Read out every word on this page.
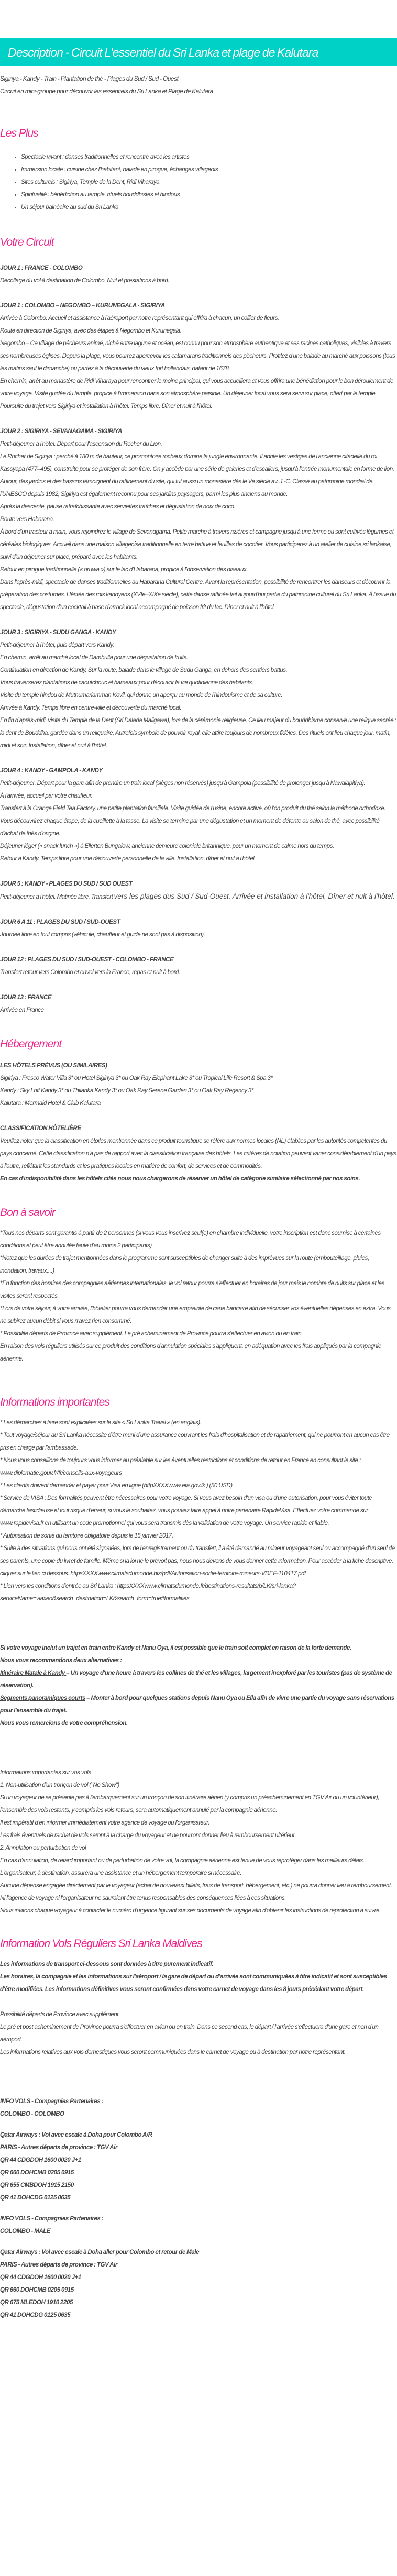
Description - Circuit L'essentiel du Sri Lanka et plage de Kalutara

Sigiriya - Kandy - Train - Plantation de thé - Plages du Sud / Sud - Ouest

Circuit en mini-groupe pour découvrir les essentiels du Sri Lanka et Plage de Kalutara

Les Plus
• Spectacle vivant : danses traditionnelles et rencontre avec les artistes
• Immersion locale : cuisine chez l'habitant, balade en pirogue, échanges villageois
• Sites culturels : Sigiriya, Temple de la Dent, Ridi Viharaya
• Spiritualité : bénédiction au temple, rituels bouddhistes et hindous
• Un séjour balnéaire au sud du Sri Lanka
Votre Circuit
JOUR 1 : FRANCE - COLOMBO

Décollage du vol à destination de Colombo. Nuit et prestations à bord.

JOUR 1 : COLOMBO – NEGOMBO – KURUNEGALA - SIGIRIYA

Arrivée à Colombo. Accueil et assistance à l'aéroport par notre représentant qui offrira à chacun, un collier de fleurs.

Route en direction de Sigiriya, avec des étapes à Negombo et Kurunegala.

Negombo – Ce village de pêcheurs animé, niché entre lagune et océan, est connu pour son atmosphère authentique et ses racines catholiques, visibles à travers ses nombreuses églises. Depuis la plage, vous pourrez apercevoir les catamarans traditionnels des pêcheurs. Profitez d'une balade au marché aux poissons (tous les matins sauf le dimanche) ou partez à la découverte du vieux fort hollandais, datant de 1678.

En chemin, arrêt au monastère de Ridi Viharaya pour rencontrer le moine principal, qui vous accueillera et vous offrira une bénédiction pour le bon déroulement de votre voyage. Visite guidée du temple, propice à l'immersion dans son atmosphère paisible. Un déjeuner local vous sera servi sur place, offert par le temple.

Poursuite du trajet vers Sigiriya et installation à l'hôtel. Temps libre. Dîner et nuit à l'hôtel.

JOUR 2 : SIGIRIYA - SEVANAGAMA - SIGIRIYA

Petit-déjeuner à l'hôtel. Départ pour l'ascension du Rocher du Lion.

Le Rocher de Sigiriya : perché à 180 m de hauteur, ce promontoire rocheux domine la jungle environnante. Il abrite les vestiges de l'ancienne citadelle du roi Kassyapa (477–495), construite pour se protéger de son frère. On y accède par une série de galeries et d'escaliers, jusqu'à l'entrée monumentale en forme de lion. Autour, des jardins et des bassins témoignent du raffinement du site, qui fut aussi un monastère dès le Ve siècle av. J.-C. Classé au patrimoine mondial de l'UNESCO depuis 1982, Sigiriya est également reconnu pour ses jardins paysagers, parmi les plus anciens au monde.

Après la descente, pause rafraîchissante avec serviettes fraîches et dégustation de noix de coco.

Route vers Habarana.

À bord d'un tracteur à main, vous rejoindrez le village de Sevanagama. Petite marche à travers rizières et campagne jusqu'à une ferme où sont cultivés légumes et céréales biologiques. Accueil dans une maison villageoise traditionnelle en terre battue et feuilles de cocotier. Vous participerez à un atelier de cuisine sri lankaise, suivi d'un déjeuner sur place, préparé avec les habitants.

Retour en pirogue traditionnelle (« oruwa ») sur le lac d'Habarana, propice à l'observation des oiseaux.

Dans l'après-midi, spectacle de danses traditionnelles au Habarana Cultural Centre. Avant la représentation, possibilité de rencontrer les danseurs et découvrir la préparation des costumes. Héritée des rois kandyens (XVIe–XIXe siècle), cette danse raffinée fait aujourd'hui partie du patrimoine culturel du Sri Lanka. À l'issue du spectacle, dégustation d'un cocktail à base d'arrack local accompagné de poisson frit du lac. Dîner et nuit à l'hôtel.

JOUR 3 : SIGIRIYA - SUDU GANGA - KANDY

Petit-déjeuner à l'hôtel, puis départ vers Kandy.

En chemin, arrêt au marché local de Dambulla pour une dégustation de fruits.

Continuation en direction de Kandy. Sur la route, balade dans le village de Sudu Ganga, en dehors des sentiers battus.

Vous traverserez plantations de caoutchouc et hameaux pour découvrir la vie quotidienne des habitants.

Visite du temple hindou de Muthumariamman Kovil, qui donne un aperçu au monde de l'hindouisme et de sa culture.

Arrivée à Kandy. Temps libre en centre-ville et découverte du marché local.

En fin d'après-midi, visite du Temple de la Dent (Sri Dalada Maligawa), lors de la cérémonie religieuse. Ce lieu majeur du bouddhisme conserve une relique sacrée : la dent de Bouddha, gardée dans un reliquaire. Autrefois symbole de pouvoir royal, elle attire toujours de nombreux fidèles. Des rituels ont lieu chaque jour, matin, midi et soir. Installation, dîner et nuit à l'hôtel.

JOUR 4 : KANDY - GAMPOLA - KANDY

Petit-déjeuner. Départ pour la gare afin de prendre un train local (sièges non réservés) jusqu'à Gampola (possibilité de prolonger jusqu'à Nawalapitiya).

À l'arrivée, accueil par votre chauffeur.

Transfert à la Orange Field Tea Factory, une petite plantation familiale. Visite guidée de l'usine, encore active, où l'on produit du thé selon la méthode orthodoxe. Vous découvrirez chaque étape, de la cueillette à la tasse. La visite se termine par une dégustation et un moment de détente au salon de thé, avec possibilité d'achat de thés d'origine.

Déjeuner léger (« snack lunch ») à Ellerton Bungalow, ancienne demeure coloniale britannique, pour un moment de calme hors du temps.

Retour à Kandy. Temps libre pour une découverte personnelle de la ville. Installation, dîner et nuit à l'hôtel.

JOUR 5 : KANDY - PLAGES DU SUD / SUD OUEST

Petit-déjeuner à l'hôtel. Matinée libre. Transfert vers les plages dus Sud / Sud-Ouest. Arrivée et installation à l'hôtel. Dîner et nuit à l'hôtel.

JOUR 6 A 11 : PLAGES DU SUD / SUD-OUEST

Journée libre en tout compris (véhicule, chauffeur et guide ne sont pas à disposition).

JOUR 12 : PLAGES DU SUD / SUD-OUEST - COLOMBO - FRANCE

Transfert retour vers Colombo et envol vers la France, repas et nuit à bord.

JOUR 13 : FRANCE

Arrivée en France

Hébergement
LES HÔTELS PRÉVUS (OU SIMILAIRES)

Sigiriya : Fresco Water Villa 3* ou Hotel Sigiriya 3* ou Oak Ray Elephant Lake 3* ou Tropical Life Resort & Spa 3*

Kandy : Sky Loft Kandy 3* ou Thilanka Kandy 3* ou Oak Ray Serene Garden 3* ou Oak Ray Regency 3*

Kalutara : Mermaid Hotel & Club Kalutara

CLASSIFICATION HÔTELIÈRE

Veuillez noter que la classification en étoiles mentionnée dans ce produit touristique se réfère aux normes locales (NL) établies par les autorités compétentes du pays concerné. Cette classification n'a pas de rapport avec la classification française des hôtels. Les critères de notation peuvent varier considérablement d'un pays à l'autre, reflétant les standards et les pratiques locales en matière de confort, de services et de commodités.

En cas d'indisponibilité dans les hôtels cités nous nous chargerons de réserver un hôtel de catégorie similaire sélectionné par nos soins.

Bon à savoir

*Tous nos départs sont garantis à partir de 2 personnes (si vous vous inscrivez seul(e) en chambre individuelle, votre inscription est donc soumise à certaines conditions et peut être annulée faute d'au moins 2 participants)

*Notez que les durées de trajet mentionnées dans le programme sont susceptibles de changer suite à des imprévues sur la route (embouteillage, pluies, inondation, travaux,...)

*En fonction des horaires des compagnies aériennes internationales, le vol retour pourra s'effectuer en horaires de jour mais le nombre de nuits sur place et les visites seront respectés.

*Lors de votre séjour, à votre arrivée, l'hôtelier pourra vous demander une empreinte de carte bancaire afin de sécuriser vos éventuelles dépenses en extra. Vous ne subirez aucun débit si vous n'avez rien consommé.

* Possibilité départs de Province avec supplément. Le pré acheminement de Province pourra s'effectuer en avion ou en train.

En raison des vols réguliers utilisés sur ce produit des conditions d'annulation spéciales s'appliquent, en adéquation avec les frais appliqués par la compagnie aérienne.

Informations importantes

* Les démarches à faire sont explicitées sur le site « Sri Lanka Travel » (en anglais).

* Tout voyage/séjour au Sri Lanka nécessite d'être muni d'une assurance couvrant les frais d'hospitalisation et de rapatriement, qui ne pourront en aucun cas être pris en charge par l'ambassade.

* Nous vous conseillons de toujours vous informer au préalable sur les éventuelles restrictions et conditions de retour en France en consultant le site : www.diplomatie.gouv.fr/fr/conseils-aux-voyageurs

* Les clients doivent demander et payer pour Visa en ligne (httpXXXXwww.eta.gov.lk ) (50 USD)

* Service de VISA : Des formalités peuvent être nécessaires pour votre voyage. Si vous avez besoin d'un visa ou d'une autorisation, pour vous éviter toute démarche fastidieuse et tout risque d'erreur, si vous le souhaitez, vous pouvez faire appel à notre partenaire RapideVisa. Effectuez votre commande sur www.rapidevisa.fr en utilisant un code promotionnel qui vous sera transmis dès la validation de votre voyage. Un service rapide et fiable.

* Autorisation de sortie du territoire obligatoire depuis le 15 janvier 2017.

* Suite à des situations qui nous ont été signalées, lors de l'enregistrement ou du transfert, il a été demandé au mineur voyageant seul ou accompagné d'un seul de ses parents, une copie du livret de famille. Même si la loi ne le prévoit pas, nous nous devons de vous donner cette information. Pour accéder à la fiche descriptive, cliquer sur le lien ci dessous: httpsXXXXwww.climatsdumonde.biz/pdf/Autorisation-sortie-territoire-mineurs-VDEF-110417.pdf

* Lien vers les conditions d'entrée au Sri Lanka : httpsXXXXwww.climatsdumonde.fr/destinations-resultats/p/LK/sri-lanka?serviceName=viaxeo&search_destination=LK&search_form=true#formalities

Si votre voyage inclut un trajet en train entre Kandy et Nanu Oya, il est possible que le train soit complet en raison de la forte demande.

Nous vous recommandons deux alternatives :

Itinéraire Matale à Kandy – Un voyage d'une heure à travers les collines de thé et les villages, largement inexploré par les touristes (pas de système de réservation).

Segments panoramiques courts – Monter à bord pour quelques stations depuis Nanu Oya ou Ella afin de vivre une partie du voyage sans réservations pour l'ensemble du trajet.

Nous vous remercions de votre compréhension.

Informations importantes sur vos vols

1. Non-utilisation d'un tronçon de vol ("No Show")

Si un voyageur ne se présente pas à l'embarquement sur un tronçon de son itinéraire aérien (y compris un préacheminement en TGV Air ou un vol intérieur), l'ensemble des vols restants, y compris les vols retours, sera automatiquement annulé par la compagnie aérienne.

Il est impératif d'en informer immédiatement votre agence de voyage ou l'organisateur.

Les frais éventuels de rachat de vols seront à la charge du voyageur et ne pourront donner lieu à remboursement ultérieur.

2. Annulation ou perturbation de vol

En cas d'annulation, de retard important ou de perturbation de votre vol, la compagnie aérienne est tenue de vous reprotéger dans les meilleurs délais.

L'organisateur, à destination, assurera une assistance et un hébergement temporaire si nécessaire.

Aucune dépense engagée directement par le voyageur (achat de nouveaux billets, frais de transport, hébergement, etc.) ne pourra donner lieu à remboursement.

Ni l'agence de voyage ni l'organisateur ne sauraient être tenus responsables des conséquences liées à ces situations.

Nous invitons chaque voyageur à contacter le numéro d'urgence figurant sur ses documents de voyage afin d'obtenir les instructions de reprotection à suivre.

Information Vols Réguliers Sri Lanka Maldives

Les informations de transport ci-dessous sont données à titre purement indicatif.

Les horaires, la compagnie et les informations sur l'aéroport / la gare de départ ou d'arrivée sont communiquées à titre indicatif et sont susceptibles d'être modifiées. Les informations définitives vous seront confirmées dans votre carnet de voyage dans les 8 jours précédant votre départ.

Possibilité départs de Province avec supplément.

Le pré et post acheminement de Province pourra s'effectuer en avion ou en train. Dans ce second cas, le départ / l'arrivée s'effectuera d'une gare et non d'un aéroport.

Les informations relatives aux vols domestiques vous seront communiquées dans le carnet de voyage ou à destination par notre représentant.

INFO VOLS - Compagnies Partenaires :

COLOMBO - COLOMBO

Qatar Airways : Vol avec escale à Doha pour Colombo A/R

PARIS - Autres départs de province : TGV Air

QR 44 CDGDOH 1600 0020 J+1

QR 660 DOHCMB 0205 0915

QR 655 CMBDOH 1915 2150

QR 41 DOHCDG 0125 0635

INFO VOLS - Compagnies Partenaires :

COLOMBO - MALE

Qatar Airways : Vol avec escale à Doha aller pour Colombo et retour de Male

PARIS - Autres départs de province : TGV Air

QR 44 CDGDOH 1600 0020 J+1

QR 660 DOHCMB 0205 0915

QR 675 MLEDOH 1910 2205

QR 41 DOHCDG 0125 0635
